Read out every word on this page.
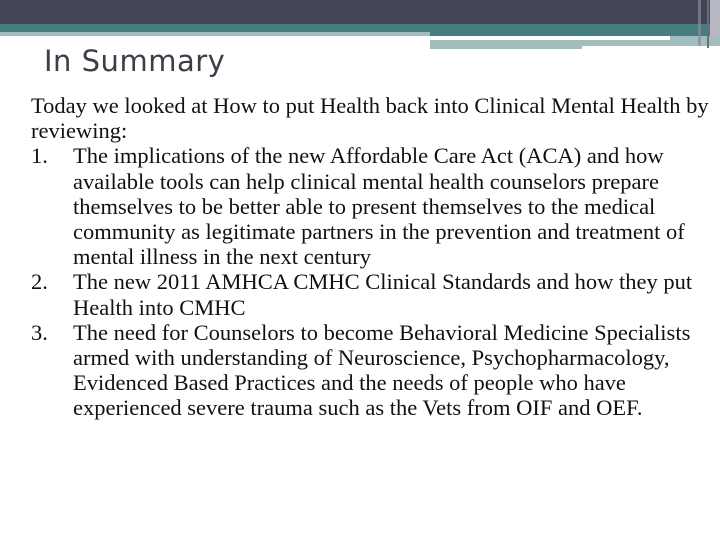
In Summary

Today we looked at How to put Health back into Clinical Mental Health by reviewing:

1. The implications of the new Affordable Care Act (ACA) and how available tools can help clinical mental health counselors prepare themselves to be better able to present themselves to the medical community as legitimate partners in the prevention and treatment of mental illness in the next century
2. The new 2011 AMHCA CMHC Clinical Standards and how they put Health into CMHC
3. The need for Counselors to become Behavioral Medicine Specialists armed with understanding of Neuroscience, Psychopharmacology, Evidenced Based Practices and the needs of people who have experienced severe trauma such as the Vets from OIF and OEF.
